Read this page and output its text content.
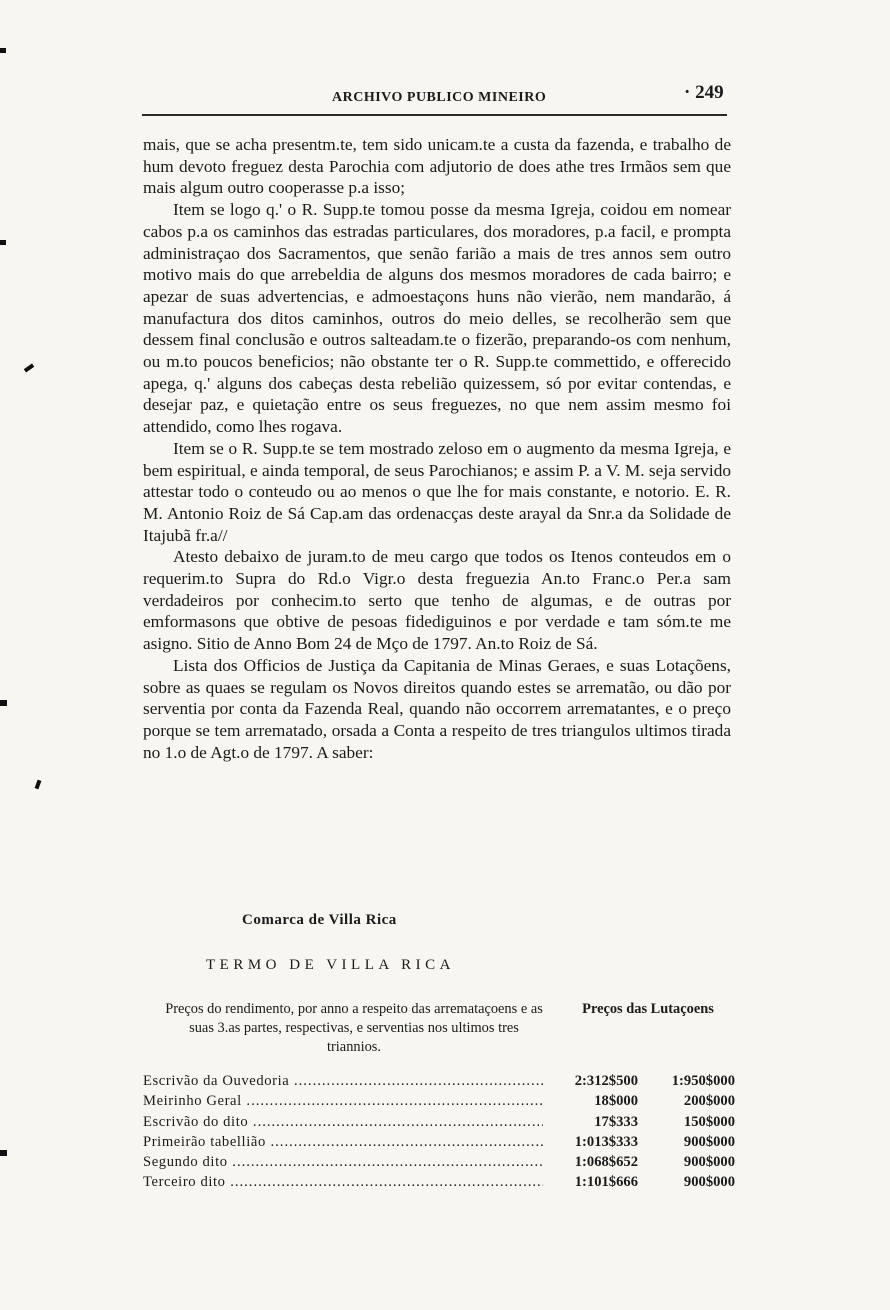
ARCHIVO PUBLICO MINEIRO	· 249

mais, que se acha presentm.te, tem sido unicam.te a custa da fazenda, e trabalho de hum devoto freguez desta Parochia com adjutorio de does athe tres Irmãos sem que mais algum outro cooperasse p.a isso;

Item se logo q.' o R. Supp.te tomou posse da mesma Igreja, coidou em nomear cabos p.a os caminhos das estradas particulares, dos moradores, p.a facil, e prompta administraçao dos Sacramentos, que senão farião a mais de tres annos sem outro motivo mais do que arrebeldia de alguns dos mesmos moradores de cada bairro; e apezar de suas advertencias, e admoestaçons huns não vierão, nem mandarão, á manufactura dos ditos caminhos, outros do meio delles, se recolherão sem que dessem final conclusão e outros salteadam.te o fizerão, preparando-os com nenhum, ou m.to poucos beneficios; não obstante ter o R. Supp.te commettido, e offerecido apega, q.' alguns dos cabeças desta rebelião quizessem, só por evitar contendas, e desejar paz, e quietação entre os seus freguezes, no que nem assim mesmo foi attendido, como lhes rogava.

Item se o R. Supp.te se tem mostrado zeloso em o augmento da mesma Igreja, e bem espiritual, e ainda temporal, de seus Parochianos; e assim P. a V. M. seja servido attestar todo o conteudo ou ao menos o que lhe for mais constante, e notorio. E. R. M. Antonio Roiz de Sá Cap.am das ordenacças deste arayal da Snr.a da Solidade de Itajubã fr.a//

Atesto debaixo de juram.to de meu cargo que todos os Itenos conteudos em o requerim.to Supra do Rd.o Vigr.o desta freguezia An.to Franc.o Per.a sam verdadeiros por conhecim.to serto que tenho de algumas, e de outras por emformasons que obtive de pesoas fidediguinos e por verdade e tam sóm.te me asigno. Sitio de Anno Bom 24 de Mço de 1797. An.to Roiz de Sá.

Lista dos Officios de Justiça da Capitania de Minas Geraes, e suas Lotaçõens, sobre as quaes se regulam os Novos direitos quando estes se arrematão, ou dão por serventia por conta da Fazenda Real, quando não occorrem arrematantes, e o preço porque se tem arrematado, orsada a Conta a respeito de tres triangulos ultimos tirada no 1.o de Agt.o de 1797. A saber:

Comarca de Villa Rica
TERMO DE VILLA RICA
Preços do rendimento, por anno a respeito das arremataçoens e as suas 3.as partes, respectivas, e serventias nos ultimos tres triannios.
Preços das Lutaçoens
Escrivão da Ouvedoria .....	2:312$500	1:950$000
Meirinho Geral .....	18$000	200$000
Escrivão do dito .....	17$333	150$000
Primeirão tabellião .....	1:013$333	900$000
Segundo dito .....	1:068$652	900$000
Terceiro dito .....	1:101$666	900$000
